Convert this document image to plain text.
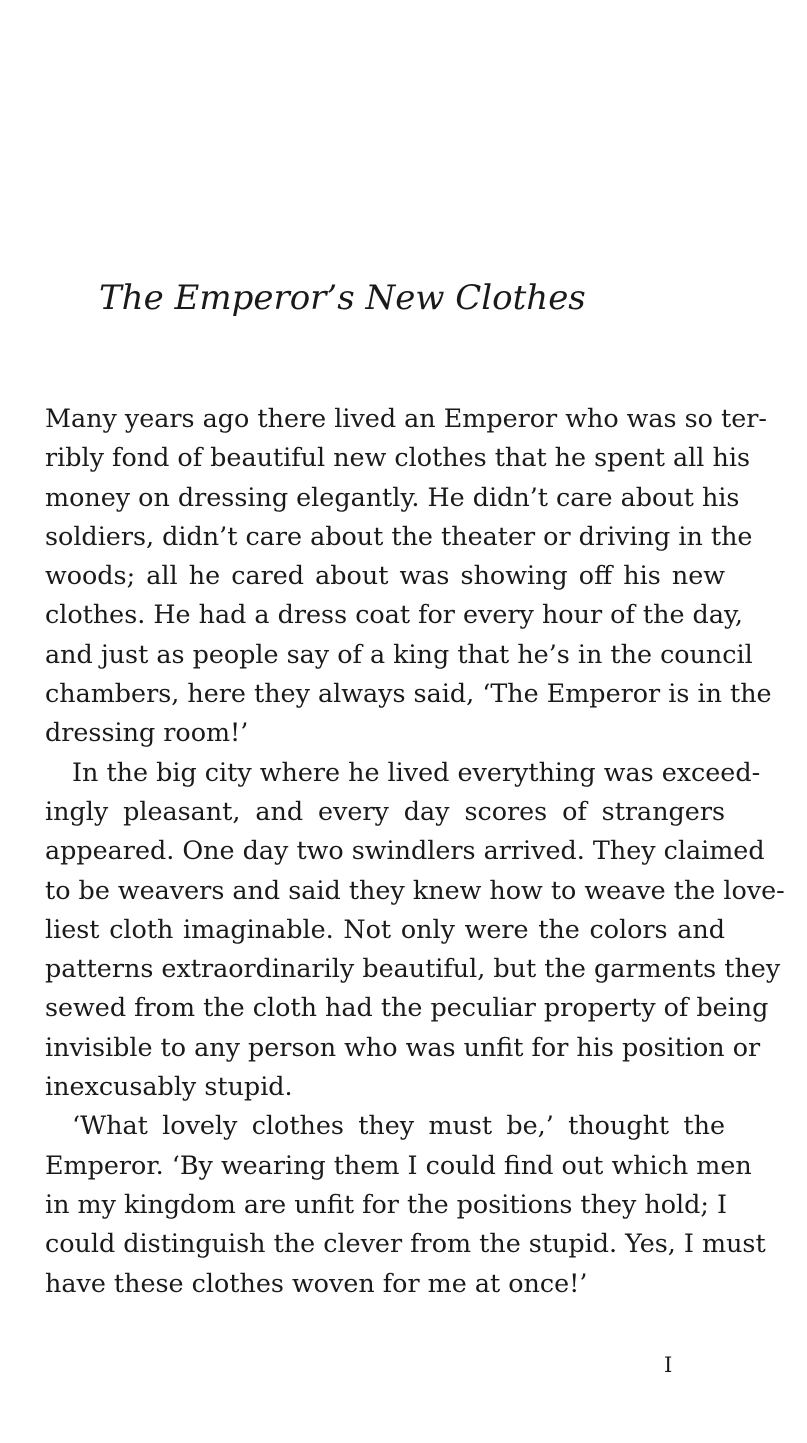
The Emperor’s New Clothes
Many years ago there lived an Emperor who was so ter-
ribly fond of beautiful new clothes that he spent all his
money on dressing elegantly. He didn’t care about his
soldiers, didn’t care about the theater or driving in the
woods; all he cared about was showing off his new
clothes. He had a dress coat for every hour of the day,
and just as people say of a king that he’s in the council
chambers, here they always said, ‘The Emperor is in the
dressing room!’
In the big city where he lived everything was exceed-
ingly pleasant, and every day scores of strangers
appeared. One day two swindlers arrived. They claimed
to be weavers and said they knew how to weave the love-
liest cloth imaginable. Not only were the colors and
patterns extraordinarily beautiful, but the garments they
sewed from the cloth had the peculiar property of being
invisible to any person who was unfit for his position or
inexcusably stupid.
‘What lovely clothes they must be,’ thought the
Emperor. ‘By wearing them I could find out which men
in my kingdom are unfit for the positions they hold; I
could distinguish the clever from the stupid. Yes, I must
have these clothes woven for me at once!’
I
